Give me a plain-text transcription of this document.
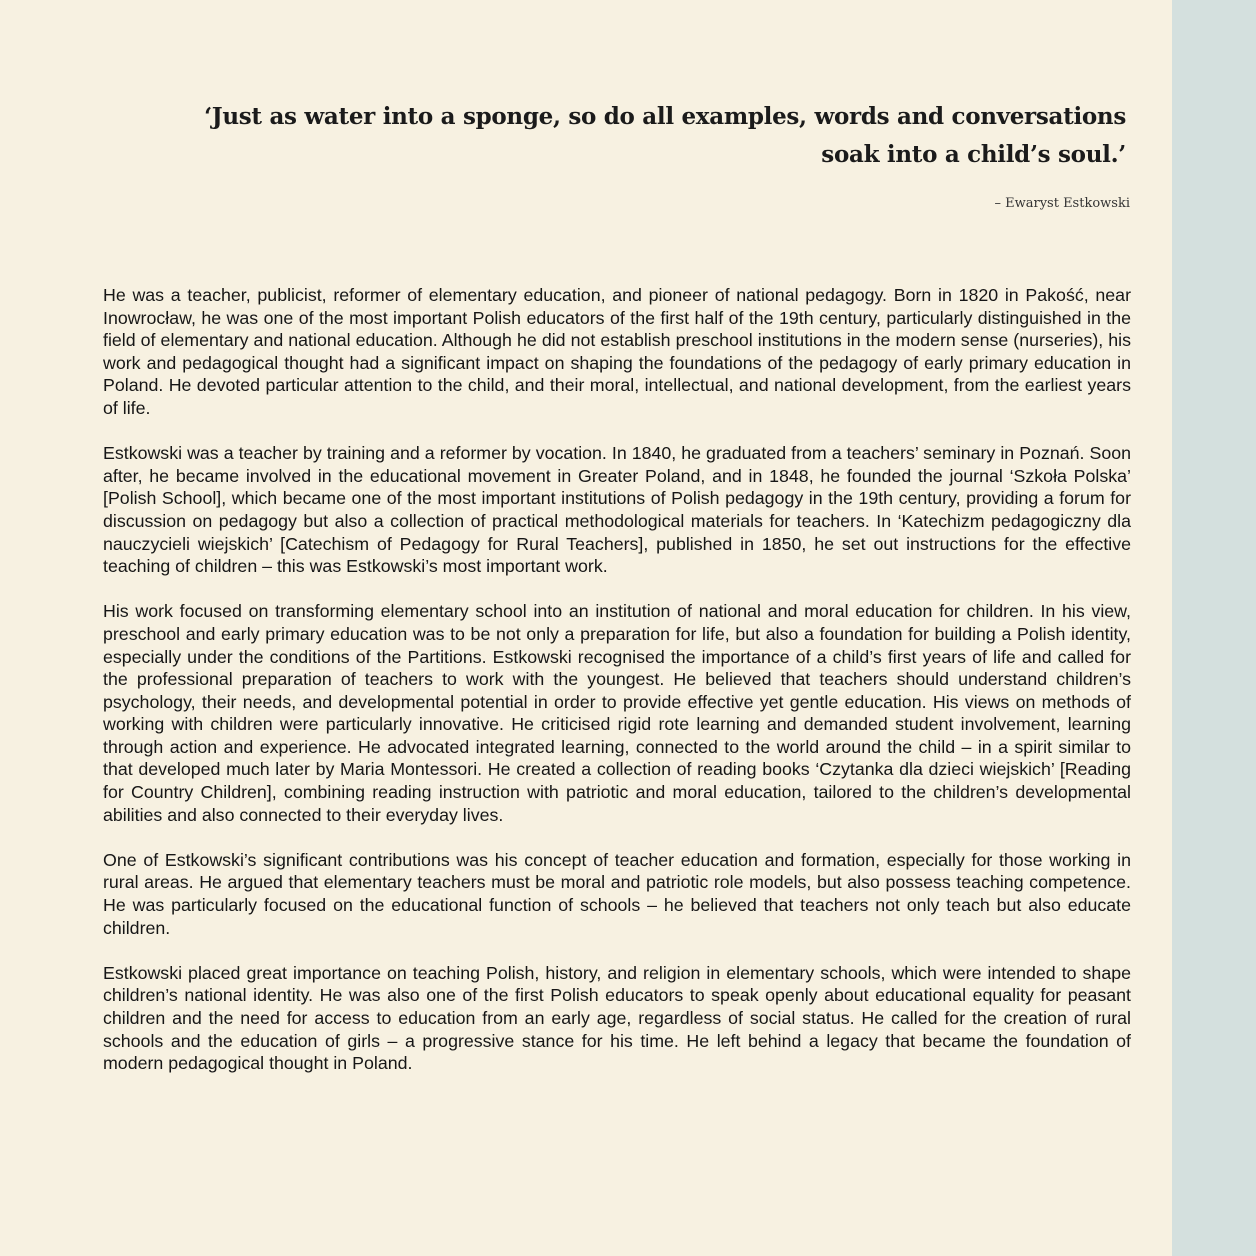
‘Just as water into a sponge, so do all examples, words and conversations
soak into a child’s soul.’
– Ewaryst Estkowski

He was a teacher, publicist, reformer of elementary education, and pioneer of national pedagogy. Born in 1820 in Pakość, near Inowrocław, he was one of the most important Polish educators of the first half of the 19th century, particularly distinguished in the field of elementary and national education. Although he did not establish preschool institutions in the modern sense (nurseries), his work and pedagogical thought had a significant impact on shaping the foundations of the pedagogy of early primary education in Poland. He devoted particular attention to the child, and their moral, intellectual, and national development, from the earliest years of life.

Estkowski was a teacher by training and a reformer by vocation. In 1840, he graduated from a teachers’ seminary in Poznań. Soon after, he became involved in the educational movement in Greater Poland, and in 1848, he founded the journal ‘Szkoła Polska’ [Polish School], which became one of the most important institutions of Polish pedagogy in the 19th century, providing a forum for discussion on pedagogy but also a collection of practical methodological materials for teachers. In ‘Katechizm pedagogiczny dla nauczycieli wiejskich’ [Catechism of Pedagogy for Rural Teachers], published in 1850, he set out instructions for the effective teaching of children – this was Estkowski’s most important work.

His work focused on transforming elementary school into an institution of national and moral education for children. In his view, preschool and early primary education was to be not only a preparation for life, but also a foundation for building a Polish identity, especially under the conditions of the Partitions. Estkowski recognised the importance of a child’s first years of life and called for the professional preparation of teachers to work with the youngest. He believed that teachers should understand children’s psychology, their needs, and developmental potential in order to provide effective yet gentle education. His views on methods of working with children were particularly innovative. He criticised rigid rote learning and demanded student involvement, learning through action and experience. He advocated integrated learning, connected to the world around the child – in a spirit similar to that developed much later by Maria Montessori. He created a collection of reading books ‘Czytanka dla dzieci wiejskich’ [Reading for Country Children], combining reading instruction with patriotic and moral education, tailored to the children’s developmental abilities and also connected to their everyday lives.

One of Estkowski’s significant contributions was his concept of teacher education and formation, especially for those working in rural areas. He argued that elementary teachers must be moral and patriotic role models, but also possess teaching competence. He was particularly focused on the educational function of schools – he believed that teachers not only teach but also educate children.

Estkowski placed great importance on teaching Polish, history, and religion in elementary schools, which were intended to shape children’s national identity. He was also one of the first Polish educators to speak openly about educational equality for peasant children and the need for access to education from an early age, regardless of social status. He called for the creation of rural schools and the education of girls – a progressive stance for his time. He left behind a legacy that became the foundation of modern pedagogical thought in Poland.
